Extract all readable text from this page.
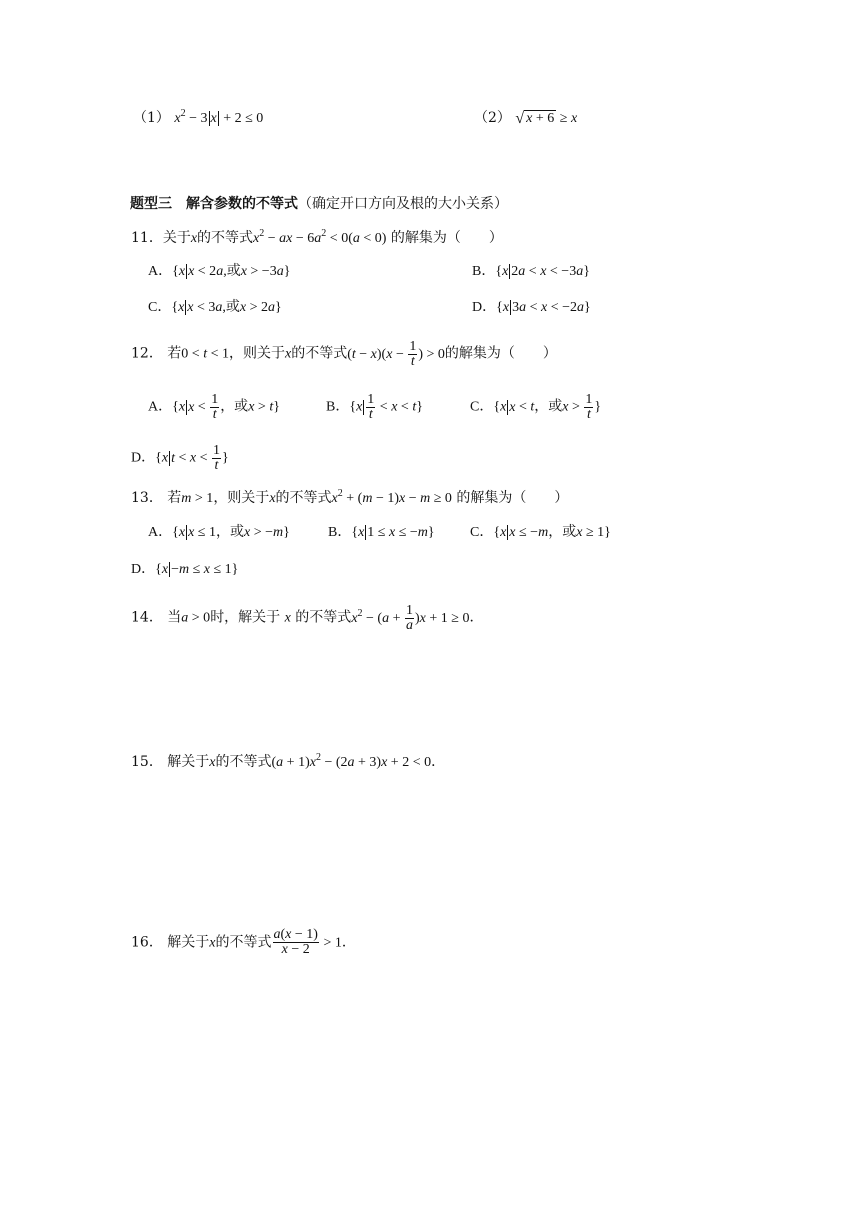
（1） $x^2 - 3$ x + 2 ≤ 0	（2） √ x + 6 ≥ x
题型三　解含参数的不等式（确定开口方向及根的大小关系）
11．关于x的不等式$x^2$ − ax − $6a^2 < 0(a < 0)$ 的解集为（　　）
A．{x x < 2a,或x > −3a}	B．{x 2a < x < −3a}
C．{x x < 3a,或x > 2a}	D．{x 3a < x < −2a}
12． 若0 < t < 1，则关于x的不等式$(t - x)(x - \frac{1}{t}$ ) > 0的解集为（　　）
A．{x $x < \frac{1}{t}$ ，或x > t}	B．$\{x \frac{1}{t} < x < t\}$	C．{x x < t，或$x > \frac{1}{t}$ }
D．{x $t < x < \frac{1}{t}$ }
13． 若m > 1，则关于x的不等式$x^2 + (m - 1)x - m \ge 0$ 的解集为（　　）
A．{x x ≤ 1，或x > −m}	B．{x 1 ≤ x ≤ −m}	C．{x x ≤ −m，或x ≥ 1}
D．{x −m ≤ x ≤ 1}
14． 当a > 0时，解关于 x 的不等式$x^2 - (a + \frac{1}{a} )x + 1 \ge 0$．
15． 解关于x的不等式$(a + 1)x^2 - (2a + 3)x + 2 < 0$．
16． 解关于x的不等式 $\frac{a(x - 1)}{x - 2} > 1$．
